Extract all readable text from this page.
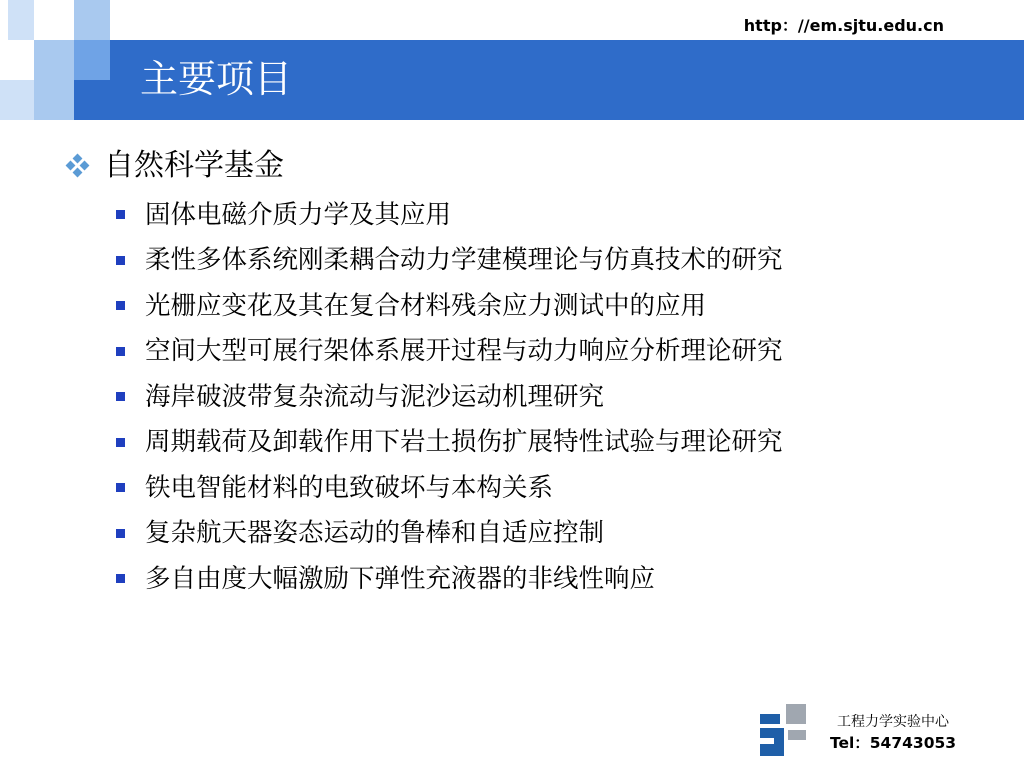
http：//em.sjtu.edu.cn
主要项目
自然科学基金
固体电磁介质力学及其应用
柔性多体系统刚柔耦合动力学建模理论与仿真技术的研究
光栅应变花及其在复合材料残余应力测试中的应用
空间大型可展行架体系展开过程与动力响应分析理论研究
海岸破波带复杂流动与泥沙运动机理研究
周期载荷及卸载作用下岩土损伤扩展特性试验与理论研究
铁电智能材料的电致破坏与本构关系
复杂航天器姿态运动的鲁棒和自适应控制
多自由度大幅激励下弹性充液器的非线性响应
工程力学实验中心
Tel：54743053
